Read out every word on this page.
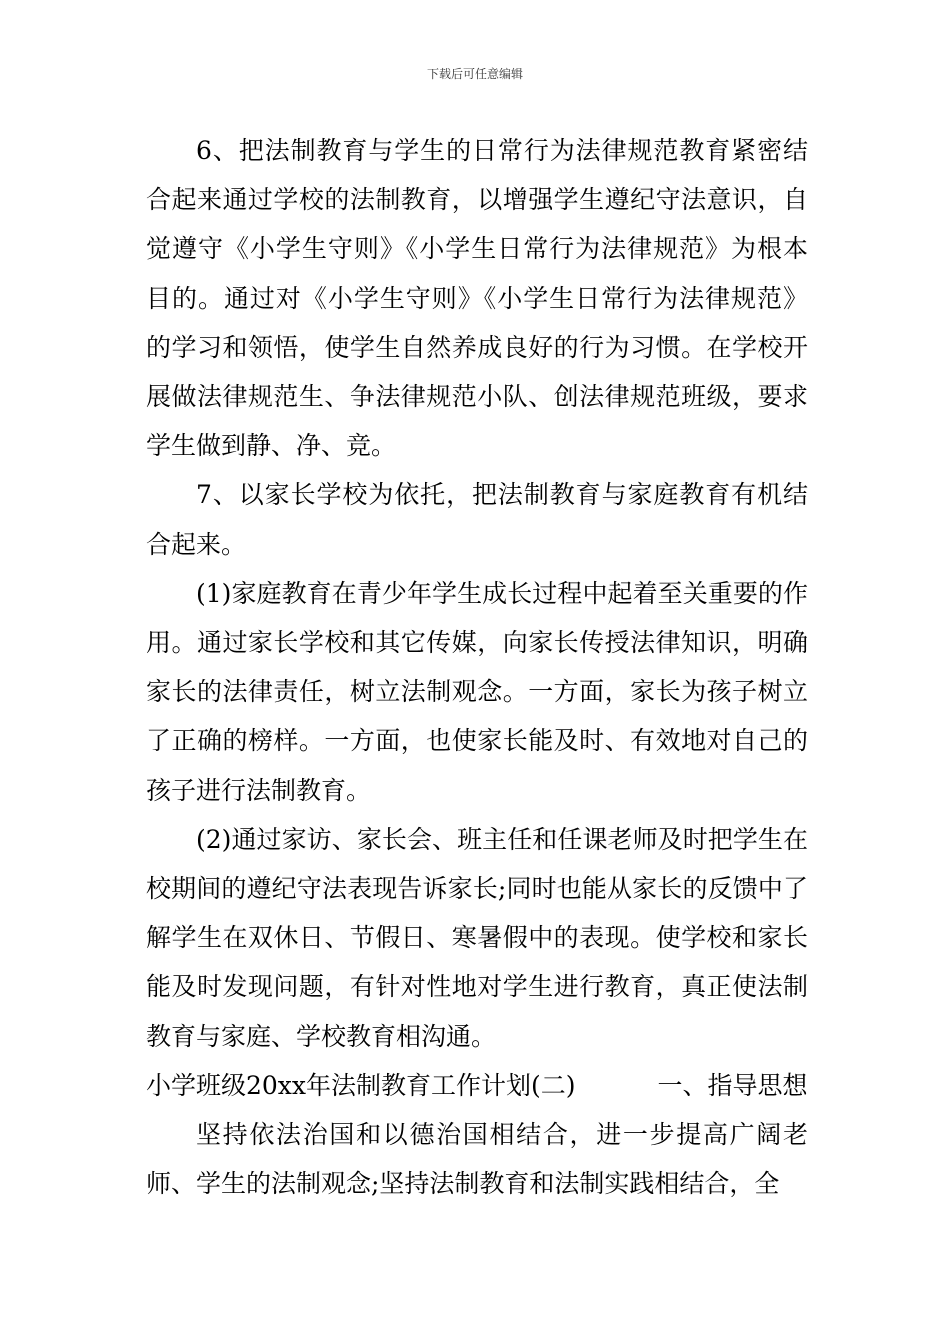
下载后可任意编辑

6、把法制教育与学生的日常行为法律规范教育紧密结合起来通过学校的法制教育，以增强学生遵纪守法意识，自觉遵守《小学生守则》《小学生日常行为法律规范》为根本目的。通过对《小学生守则》《小学生日常行为法律规范》的学习和领悟，使学生自然养成良好的行为习惯。在学校开展做法律规范生、争法律规范小队、创法律规范班级，要求学生做到静、净、竞。

7、以家长学校为依托，把法制教育与家庭教育有机结合起来。

(1)家庭教育在青少年学生成长过程中起着至关重要的作用。通过家长学校和其它传媒，向家长传授法律知识，明确家长的法律责任，树立法制观念。一方面，家长为孩子树立了正确的榜样。一方面，也使家长能及时、有效地对自己的孩子进行法制教育。

(2)通过家访、家长会、班主任和任课老师及时把学生在校期间的遵纪守法表现告诉家长;同时也能从家长的反馈中了解学生在双休日、节假日、寒暑假中的表现。使学校和家长能及时发现问题，有针对性地对学生进行教育，真正使法制教育与家庭、学校教育相沟通。

小学班级20xx年法制教育工作计划(二)	一、指导思想

坚持依法治国和以德治国相结合，进一步提高广阔老师、学生的法制观念;坚持法制教育和法制实践相结合，全
